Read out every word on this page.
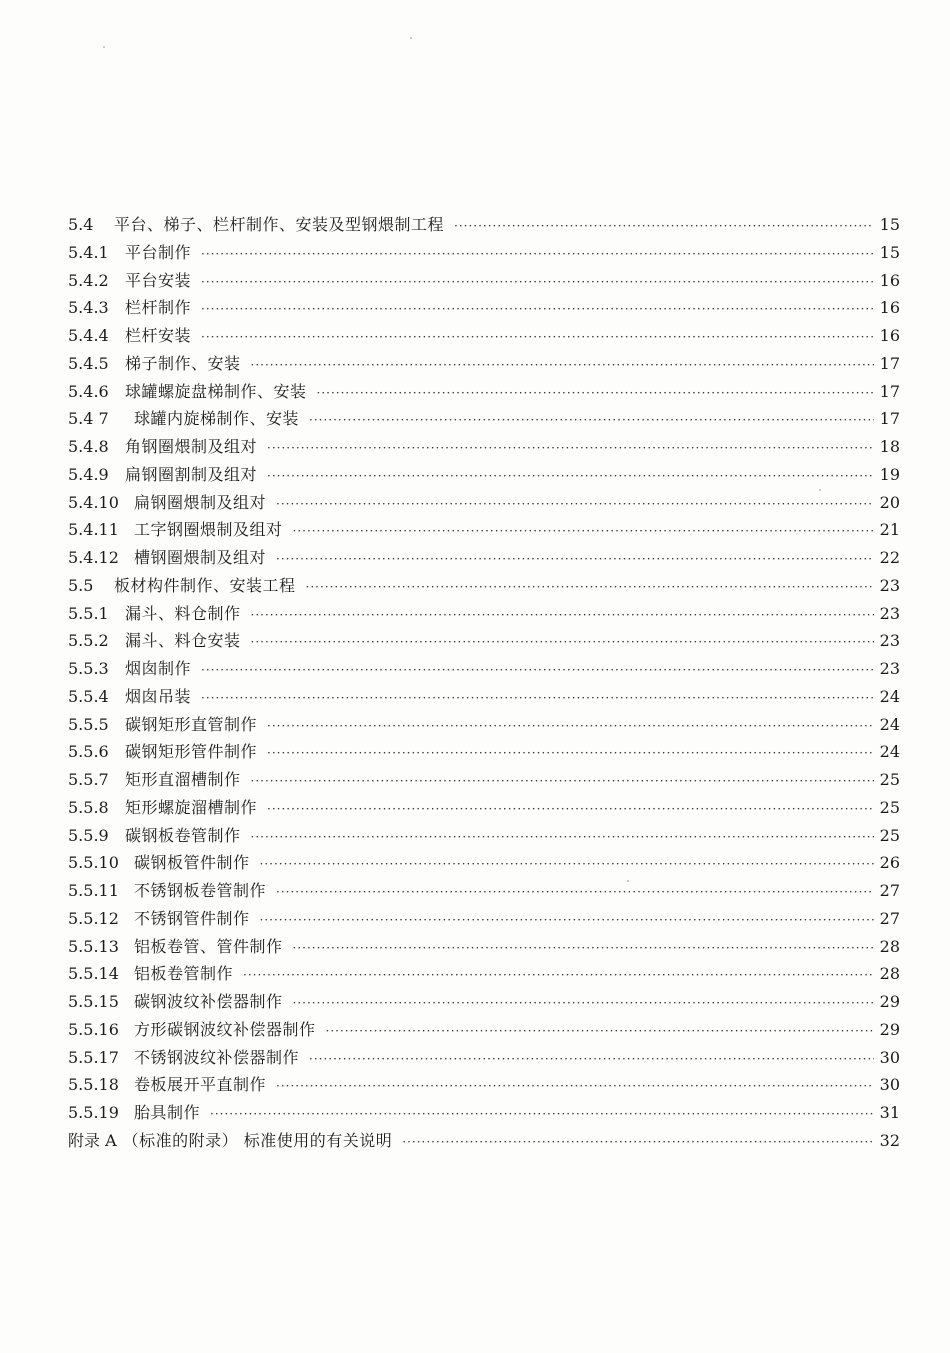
5.4	平台、梯子、栏杆制作、安装及型钢煨制工程 ·····	15
5.4.1	平台制作 ·····	15
5.4.2	平台安装 ·····	16
5.4.3	栏杆制作 ·····	16
5.4.4	栏杆安装 ·····	16
5.4.5	梯子制作、安装 ·····	17
5.4.6	球罐螺旋盘梯制作、安装 ·····	17
5.4 7	球罐内旋梯制作、安装 ·····	17
5.4.8	角钢圈煨制及组对 ·····	18
5.4.9	扁钢圈割制及组对 ·····	19
5.4.10 扁钢圈煨制及组对 ·····	20
5.4.11 工字钢圈煨制及组对 ·····	21
5.4.12 槽钢圈煨制及组对 ·····	22
5.5	板材构件制作、安装工程 ·····	23
5.5.1	漏斗、料仓制作 ·····	23
5.5.2	漏斗、料仓安装 ·····	23
5.5.3	烟囱制作 ·····	23
5.5.4	烟囱吊装 ·····	24
5.5.5	碳钢矩形直管制作 ·····	24
5.5.6	碳钢矩形管件制作 ·····	24
5.5.7	矩形直溜槽制作 ·····	25
5.5.8	矩形螺旋溜槽制作 ·····	25
5.5.9	碳钢板卷管制作 ·····	25
5.5.10 碳钢板管件制作 ·····	26
5.5.11 不锈钢板卷管制作 ·····	27
5.5.12 不锈钢管件制作 ·····	27
5.5.13 铝板卷管、管件制作 ·····	28
5.5.14 铝板卷管制作 ·····	28
5.5.15 碳钢波纹补偿器制作 ·····	29
5.5.16 方形碳钢波纹补偿器制作 ·····	29
5.5.17 不锈钢波纹补偿器制作 ·····	30
5.5.18 卷板展开平直制作 ·····	30
5.5.19 胎具制作 ·····	31
附录 A （标准的附录） 标准使用的有关说明 ·····	32
